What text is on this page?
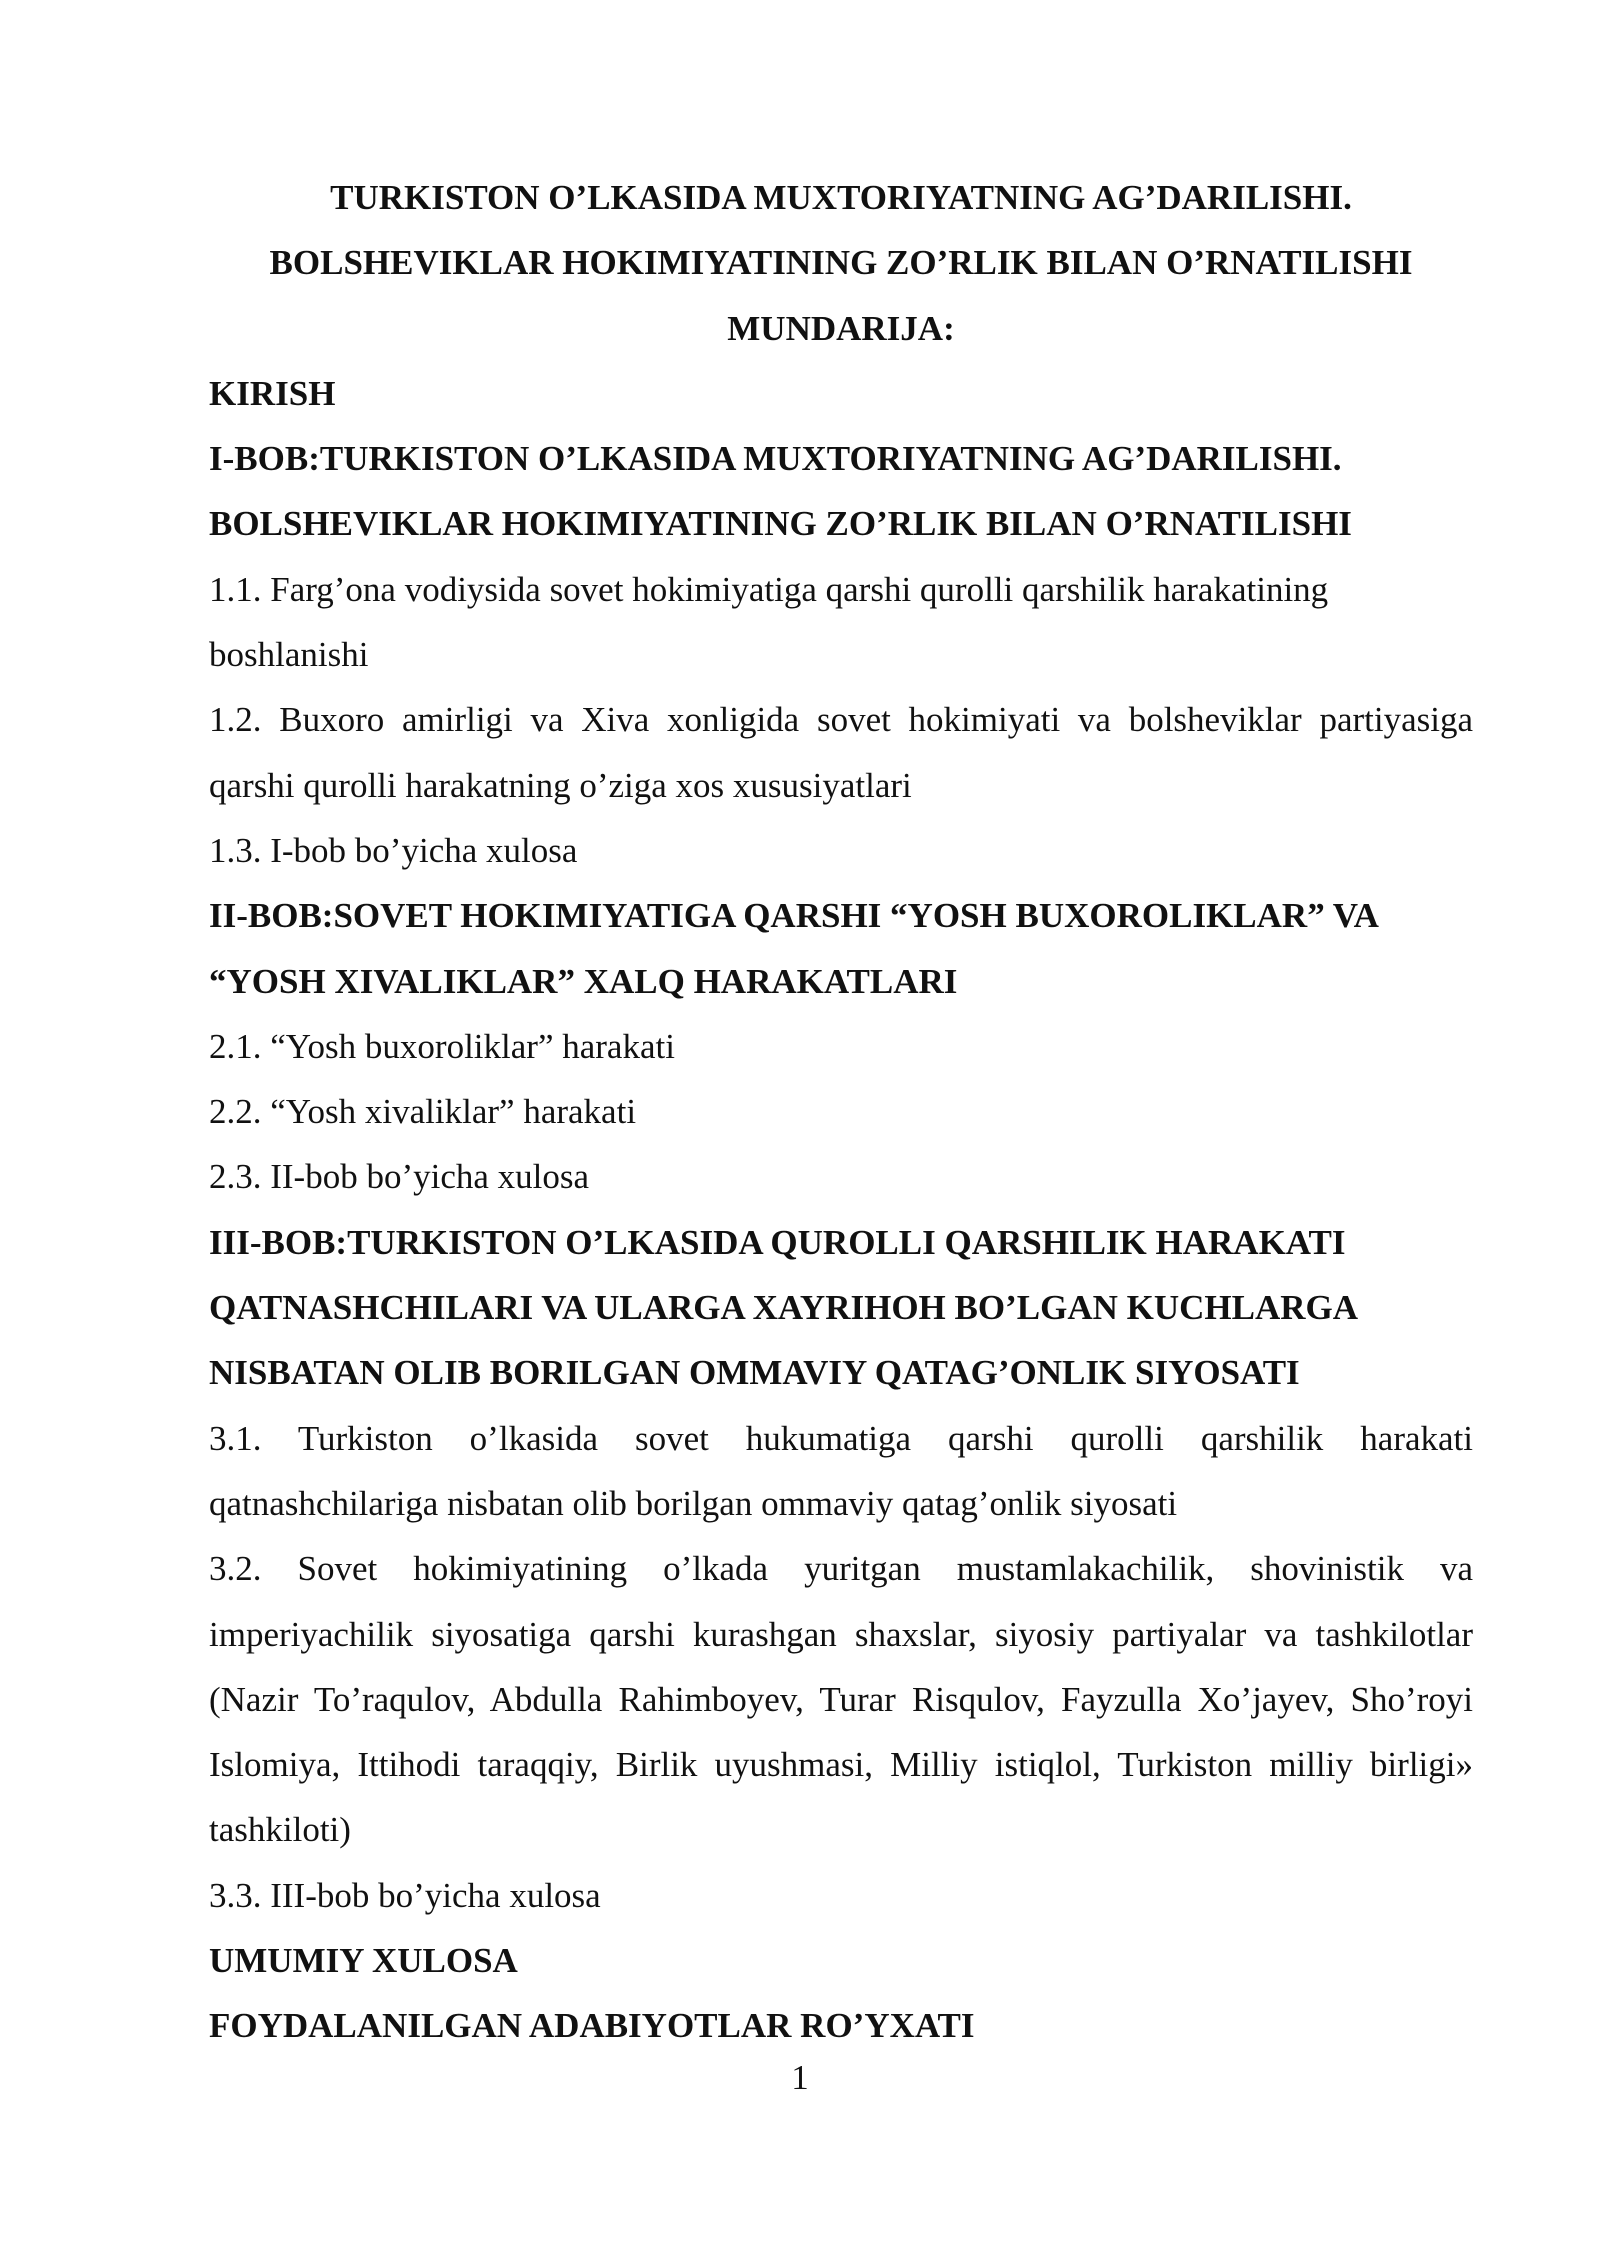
TURKISTON O’LKASIDA MUXTORIYATNING AG’DARILISHI.

BOLSHEVIKLAR HOKIMIYATINING ZO’RLIK BILAN O’RNATILISHI

MUNDARIJA:

KIRISH

I-BOB:TURKISTON O’LKASIDA MUXTORIYATNING AG’DARILISHI. BOLSHEVIKLAR HOKIMIYATINING ZO’RLIK BILAN O’RNATILISHI

1.1. Farg’ona vodiysida sovet hokimiyatiga qarshi qurolli qarshilik harakatining boshlanishi

1.2. Buxoro amirligi va Xiva xonligida sovet hokimiyati va bolsheviklar partiyasiga qarshi qurolli harakatning o’ziga xos xususiyatlari

1.3. I-bob bo’yicha xulosa

II-BOB:SOVET HOKIMIYATIGA QARSHI “YOSH BUXOROLIKLAR” VA “YOSH XIVALIKLAR” XALQ HARAKATLARI

2.1. “Yosh buxoroliklar” harakati

2.2. “Yosh xivaliklar” harakati

2.3. II-bob bo’yicha xulosa

III-BOB:TURKISTON O’LKASIDA QUROLLI QARSHILIK HARAKATI QATNASHCHILARI VA ULARGA XAYRIHOH BO’LGAN KUCHLARGA NISBATAN OLIB BORILGAN OMMAVIY QATAG’ONLIK SIYOSATI

3.1. Turkiston o’lkasida sovet hukumatiga qarshi qurolli qarshilik harakati qatnashchilariga nisbatan olib borilgan ommaviy qatag’onlik siyosati

3.2. Sovet hokimiyatining o’lkada yuritgan mustamlakachilik, shovinistik va imperiyachilik siyosatiga qarshi kurashgan shaxslar, siyosiy partiyalar va tashkilotlar (Nazir To’raqulov, Abdulla Rahimboyev, Turar Risqulov, Fayzulla Xo’jayev, Sho’royi Islomiya, Ittihodi taraqqiy, Birlik uyushmasi, Milliy istiqlol, Turkiston milliy birligi» tashkiloti)

3.3. III-bob bo’yicha xulosa

UMUMIY XULOSA

FOYDALANILGAN ADABIYOTLAR RO’YXATI

1
